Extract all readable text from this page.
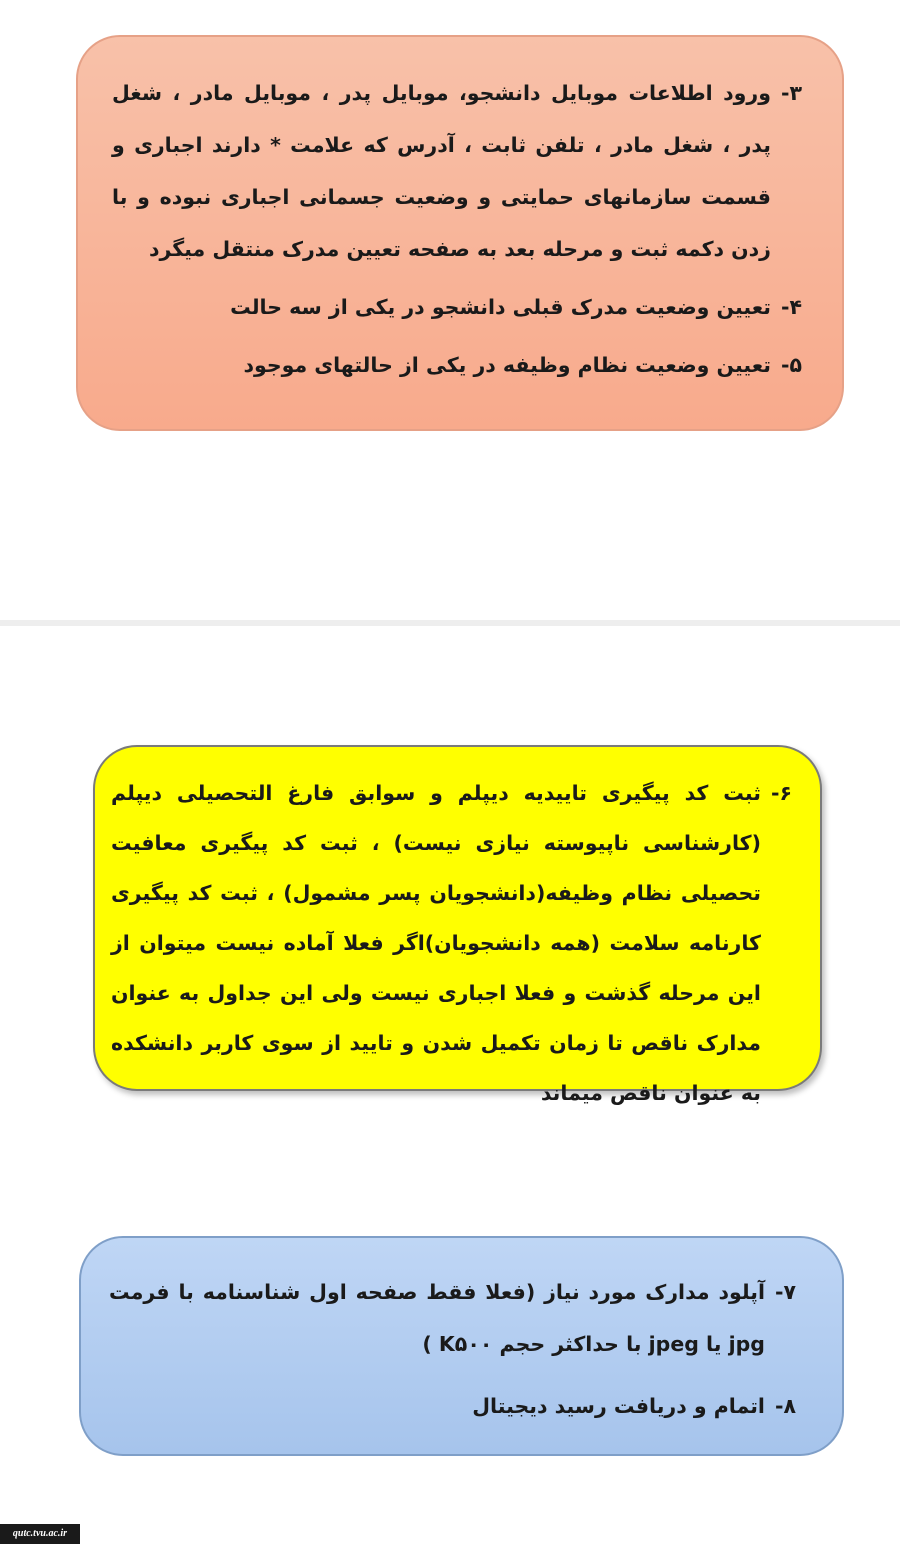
۳-

ورود اطلاعات موبایل دانشجو، موبایل پدر ، موبایل مادر ، شغل پدر ، شغل مادر ، تلفن ثابت ، آدرس که علامت * دارند اجباری و قسمت سازمانهای حمایتی و وضعیت جسمانی اجباری نبوده و با زدن دکمه ثبت و مرحله بعد به صفحه تعیین مدرک منتقل میگرد

۴-

تعیین وضعیت مدرک قبلی دانشجو در یکی از سه حالت

۵-

تعیین وضعیت نظام وظیفه در یکی از حالتهای موجود

۶-

ثبت کد پیگیری تاییدیه دیپلم و سوابق فارغ التحصیلی دیپلم (کارشناسی ناپیوسته نیازی نیست) ، ثبت کد پیگیری معافیت تحصیلی نظام وظیفه(دانشجویان پسر مشمول) ، ثبت کد پیگیری کارنامه سلامت (همه دانشجویان)اگر فعلا آماده نیست میتوان از این مرحله گذشت و فعلا اجباری نیست ولی این جداول به عنوان مدارک ناقص تا زمان تکمیل شدن و تایید از سوی کاربر دانشکده به عنوان ناقص میماند

۷-

آپلود مدارک مورد نیاز (فعلا فقط صفحه اول شناسنامه با فرمت jpg یا jpeg با حداکثر حجم K۵۰۰ )

۸-

اتمام و دریافت رسید دیجیتال

qutc.tvu.ac.ir
